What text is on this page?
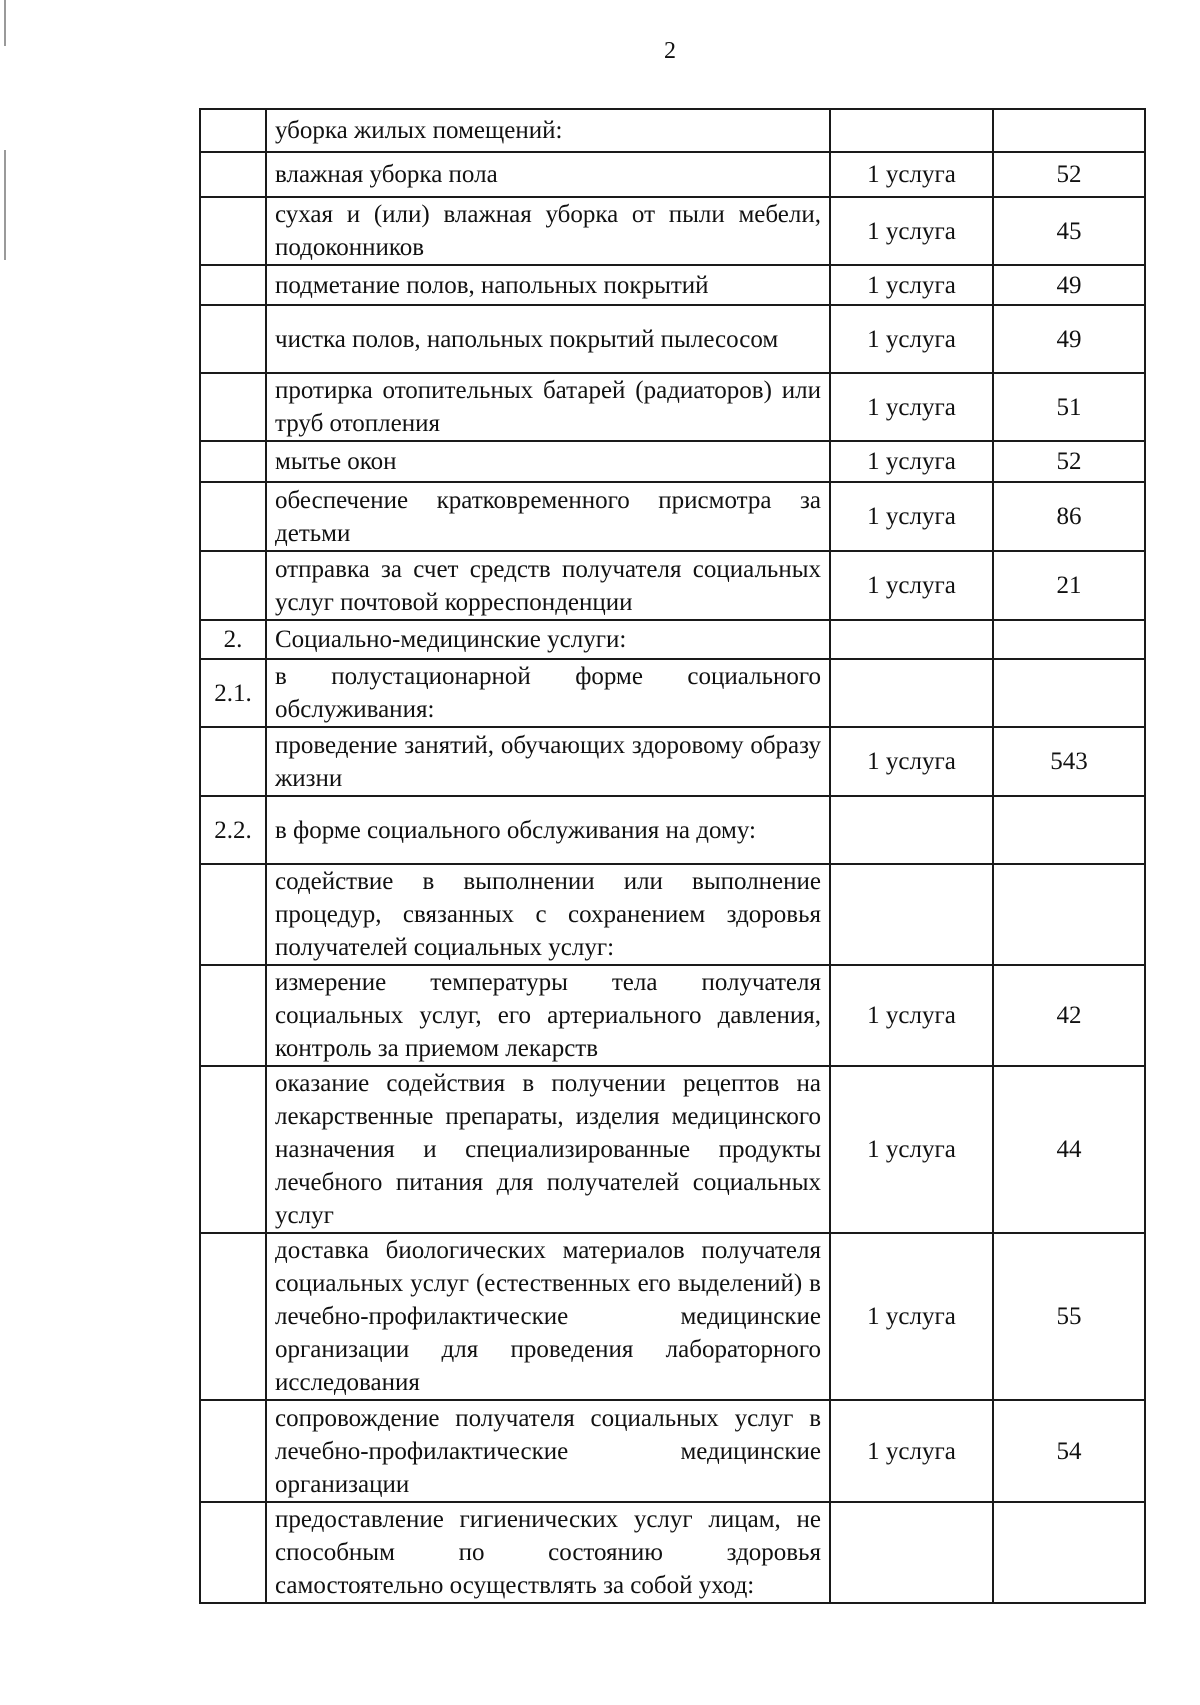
2
	уборка жилых помещений:		
	влажная уборка пола	1 услуга	52
	сухая и (или) влажная уборка от пыли мебели, подоконников	1 услуга	45
	подметание полов, напольных покрытий	1 услуга	49
	чистка полов, напольных покрытий пылесосом	1 услуга	49
	протирка отопительных батарей (радиаторов) или труб отопления	1 услуга	51
	мытье окон	1 услуга	52
	обеспечение кратковременного присмотра за детьми	1 услуга	86
	отправка за счет средств получателя социальных услуг почтовой корреспонденции	1 услуга	21
2.	Социально-медицинские услуги:		
2.1.	в полустационарной форме социального обслуживания:		
	проведение занятий, обучающих здоровому образу жизни	1 услуга	543
2.2.	в форме социального обслуживания на дому:		
	содействие в выполнении или выполнение процедур, связанных с сохранением здоровья получателей социальных услуг:		
	измерение температуры тела получателя социальных услуг, его артериального давления, контроль за приемом лекарств	1 услуга	42
	оказание содействия в получении рецептов на лекарственные препараты, изделия медицинского назначения и специализированные продукты лечебного питания для получателей социальных услуг	1 услуга	44
	доставка биологических материалов получателя социальных услуг (естественных его выделений) в лечебно-профилактические медицинские организации для проведения лабораторного исследования	1 услуга	55
	сопровождение получателя социальных услуг в лечебно-профилактические медицинские организации	1 услуга	54
	предоставление гигиенических услуг лицам, не способным по состоянию здоровья самостоятельно осуществлять за собой уход:		
